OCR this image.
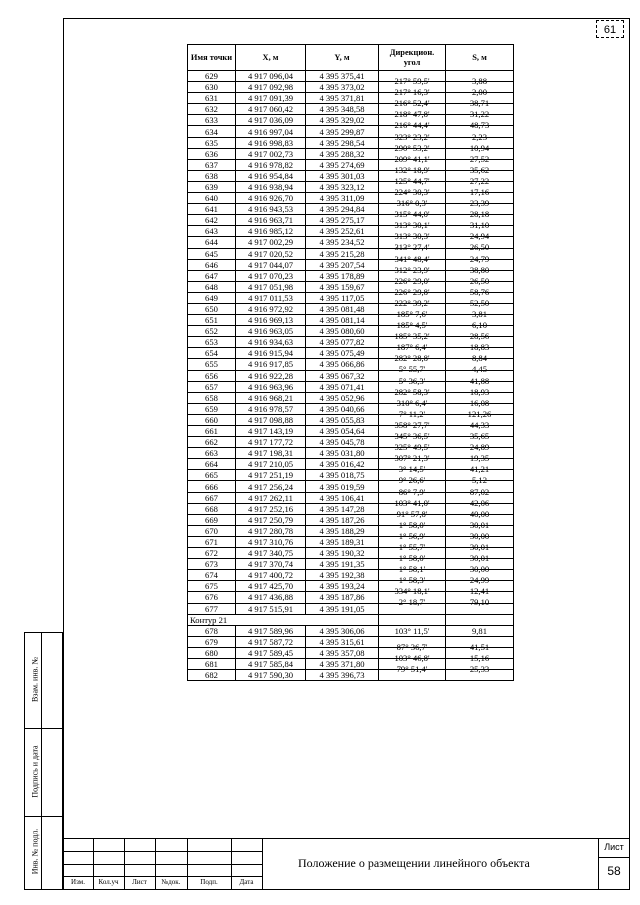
61
Имя точки	X, м	Y, м	Дирекцион. угол	S, м
629	4 917 096,04	4 395 375,41	217° 59,5'	3,88
630	4 917 092,98	4 395 373,02	217° 16,3'	2,00
631	4 917 091,39	4 395 371,81	216° 52,4'	38,71
632	4 917 060,42	4 395 348,58	218° 47,8'	31,22
633	4 917 036,09	4 395 329,02	216° 44,4'	48,73
634	4 916 997,04	4 395 299,87	323° 23,2'	2,23
635	4 916 998,83	4 395 298,54	290° 53,2'	10,94
636	4 917 002,73	4 395 288,32	209° 41,1'	27,52
637	4 916 978,82	4 395 274,69	132° 18,9'	35,62
638	4 916 954,84	4 395 301,03	125° 44,7'	27,22
639	4 916 938,94	4 395 323,12	224° 30,3'	17,16
640	4 916 926,70	4 395 311,09	316° 0,3'	23,39
641	4 916 943,53	4 395 294,84	315° 44,0'	28,18
642	4 916 963,71	4 395 275,17	313° 30,1'	31,10
643	4 916 985,12	4 395 252,61	313° 30,3'	24,94
644	4 917 002,29	4 395 234,52	313° 27,4'	26,50
645	4 917 020,52	4 395 215,28	341° 48,4'	24,79
646	4 917 044,07	4 395 207,54	312° 23,9'	38,80
647	4 917 070,23	4 395 178,89	226° 29,0'	26,50
648	4 917 051,98	4 395 159,67	226° 29,8'	58,76
649	4 917 011,53	4 395 117,05	222° 39,2'	52,50
650	4 916 972,92	4 395 081,48	185° 7,6'	3,81
651	4 916 969,13	4 395 081,14	185° 4,5'	6,10
652	4 916 963,05	4 395 080,60	185° 35,2'	28,56
653	4 916 934,63	4 395 077,82	187° 6,4'	18,83
654	4 916 915,94	4 395 075,49	282° 28,8'	8,84
655	4 916 917,85	4 395 066,86	5° 55,7'	4,45
656	4 916 922,28	4 395 067,32	5° 36,3'	41,88
657	4 916 963,96	4 395 071,41	282° 58,3'	18,93
658	4 916 968,21	4 395 052,96	310° 6,4'	16,08
659	4 916 978,57	4 395 040,66	7° 11,2'	121,26
660	4 917 098,88	4 395 055,83	358° 27,7'	44,33
661	4 917 143,19	4 395 054,64	345° 36,5'	35,65
662	4 917 177,72	4 395 045,78	325° 49,5'	24,89
663	4 917 198,31	4 395 031,80	307° 21,3'	19,35
664	4 917 210,05	4 395 016,42	3° 14,5'	41,21
665	4 917 251,19	4 395 018,75	9° 26,6'	5,12
666	4 917 256,24	4 395 019,59	86° 7,9'	87,02
667	4 917 262,11	4 395 106,41	103° 41,0'	42,06
668	4 917 252,16	4 395 147,28	91° 57,8'	40,00
669	4 917 250,79	4 395 187,26	1° 58,0'	30,01
670	4 917 280,78	4 395 188,29	1° 56,9'	30,00
671	4 917 310,76	4 395 189,31	1° 55,7'	30,01
672	4 917 340,75	4 395 190,32	1° 58,0'	30,01
673	4 917 370,74	4 395 191,35	1° 58,1'	30,00
674	4 917 400,72	4 395 192,38	1° 58,3'	24,99
675	4 917 425,70	4 395 193,24	334° 18,1'	12,41
676	4 917 436,88	4 395 187,86	2° 18,7'	79,10
677	4 917 515,91	4 395 191,05		
Контур 21				
678	4 917 589,96	4 395 306,06	103° 11,5'	9,81
679	4 917 587,72	4 395 315,61	87° 36,7'	41,51
680	4 917 589,45	4 395 357,08	103° 46,8'	15,16
681	4 917 585,84	4 395 371,80	79° 51,4'	25,33
682	4 917 590,30	4 395 396,73		
Взам. инв. №
Подпись и дата
Инв. № подл.
Изм.	Кол.уч	Лист	№док.	Подп.	Дата
Положение о размещении линейного объекта
Лист
58
